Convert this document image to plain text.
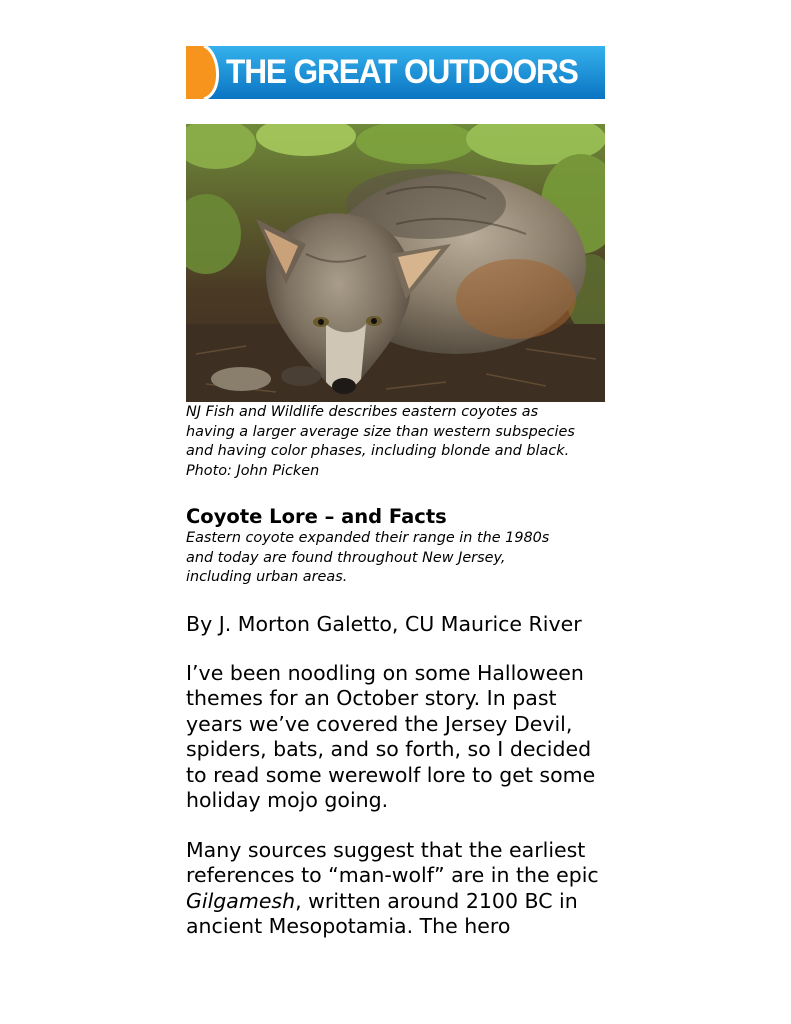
THE GREAT OUTDOORS
NJ Fish and Wildlife describes eastern coyotes as
having a larger average size than western subspecies
and having color phases, including blonde and black.
Photo: John Picken
Coyote Lore – and Facts
Eastern coyote expanded their range in the 1980s
and today are found throughout New Jersey,
including urban areas.
By J. Morton Galetto, CU Maurice River
I’ve been noodling on some Halloween
themes for an October story. In past
years we’ve covered the Jersey Devil,
spiders, bats, and so forth, so I decided
to read some werewolf lore to get some
holiday mojo going.
Many sources suggest that the earliest
references to “man-wolf” are in the epic
Gilgamesh, written around 2100 BC in
ancient Mesopotamia. The hero
